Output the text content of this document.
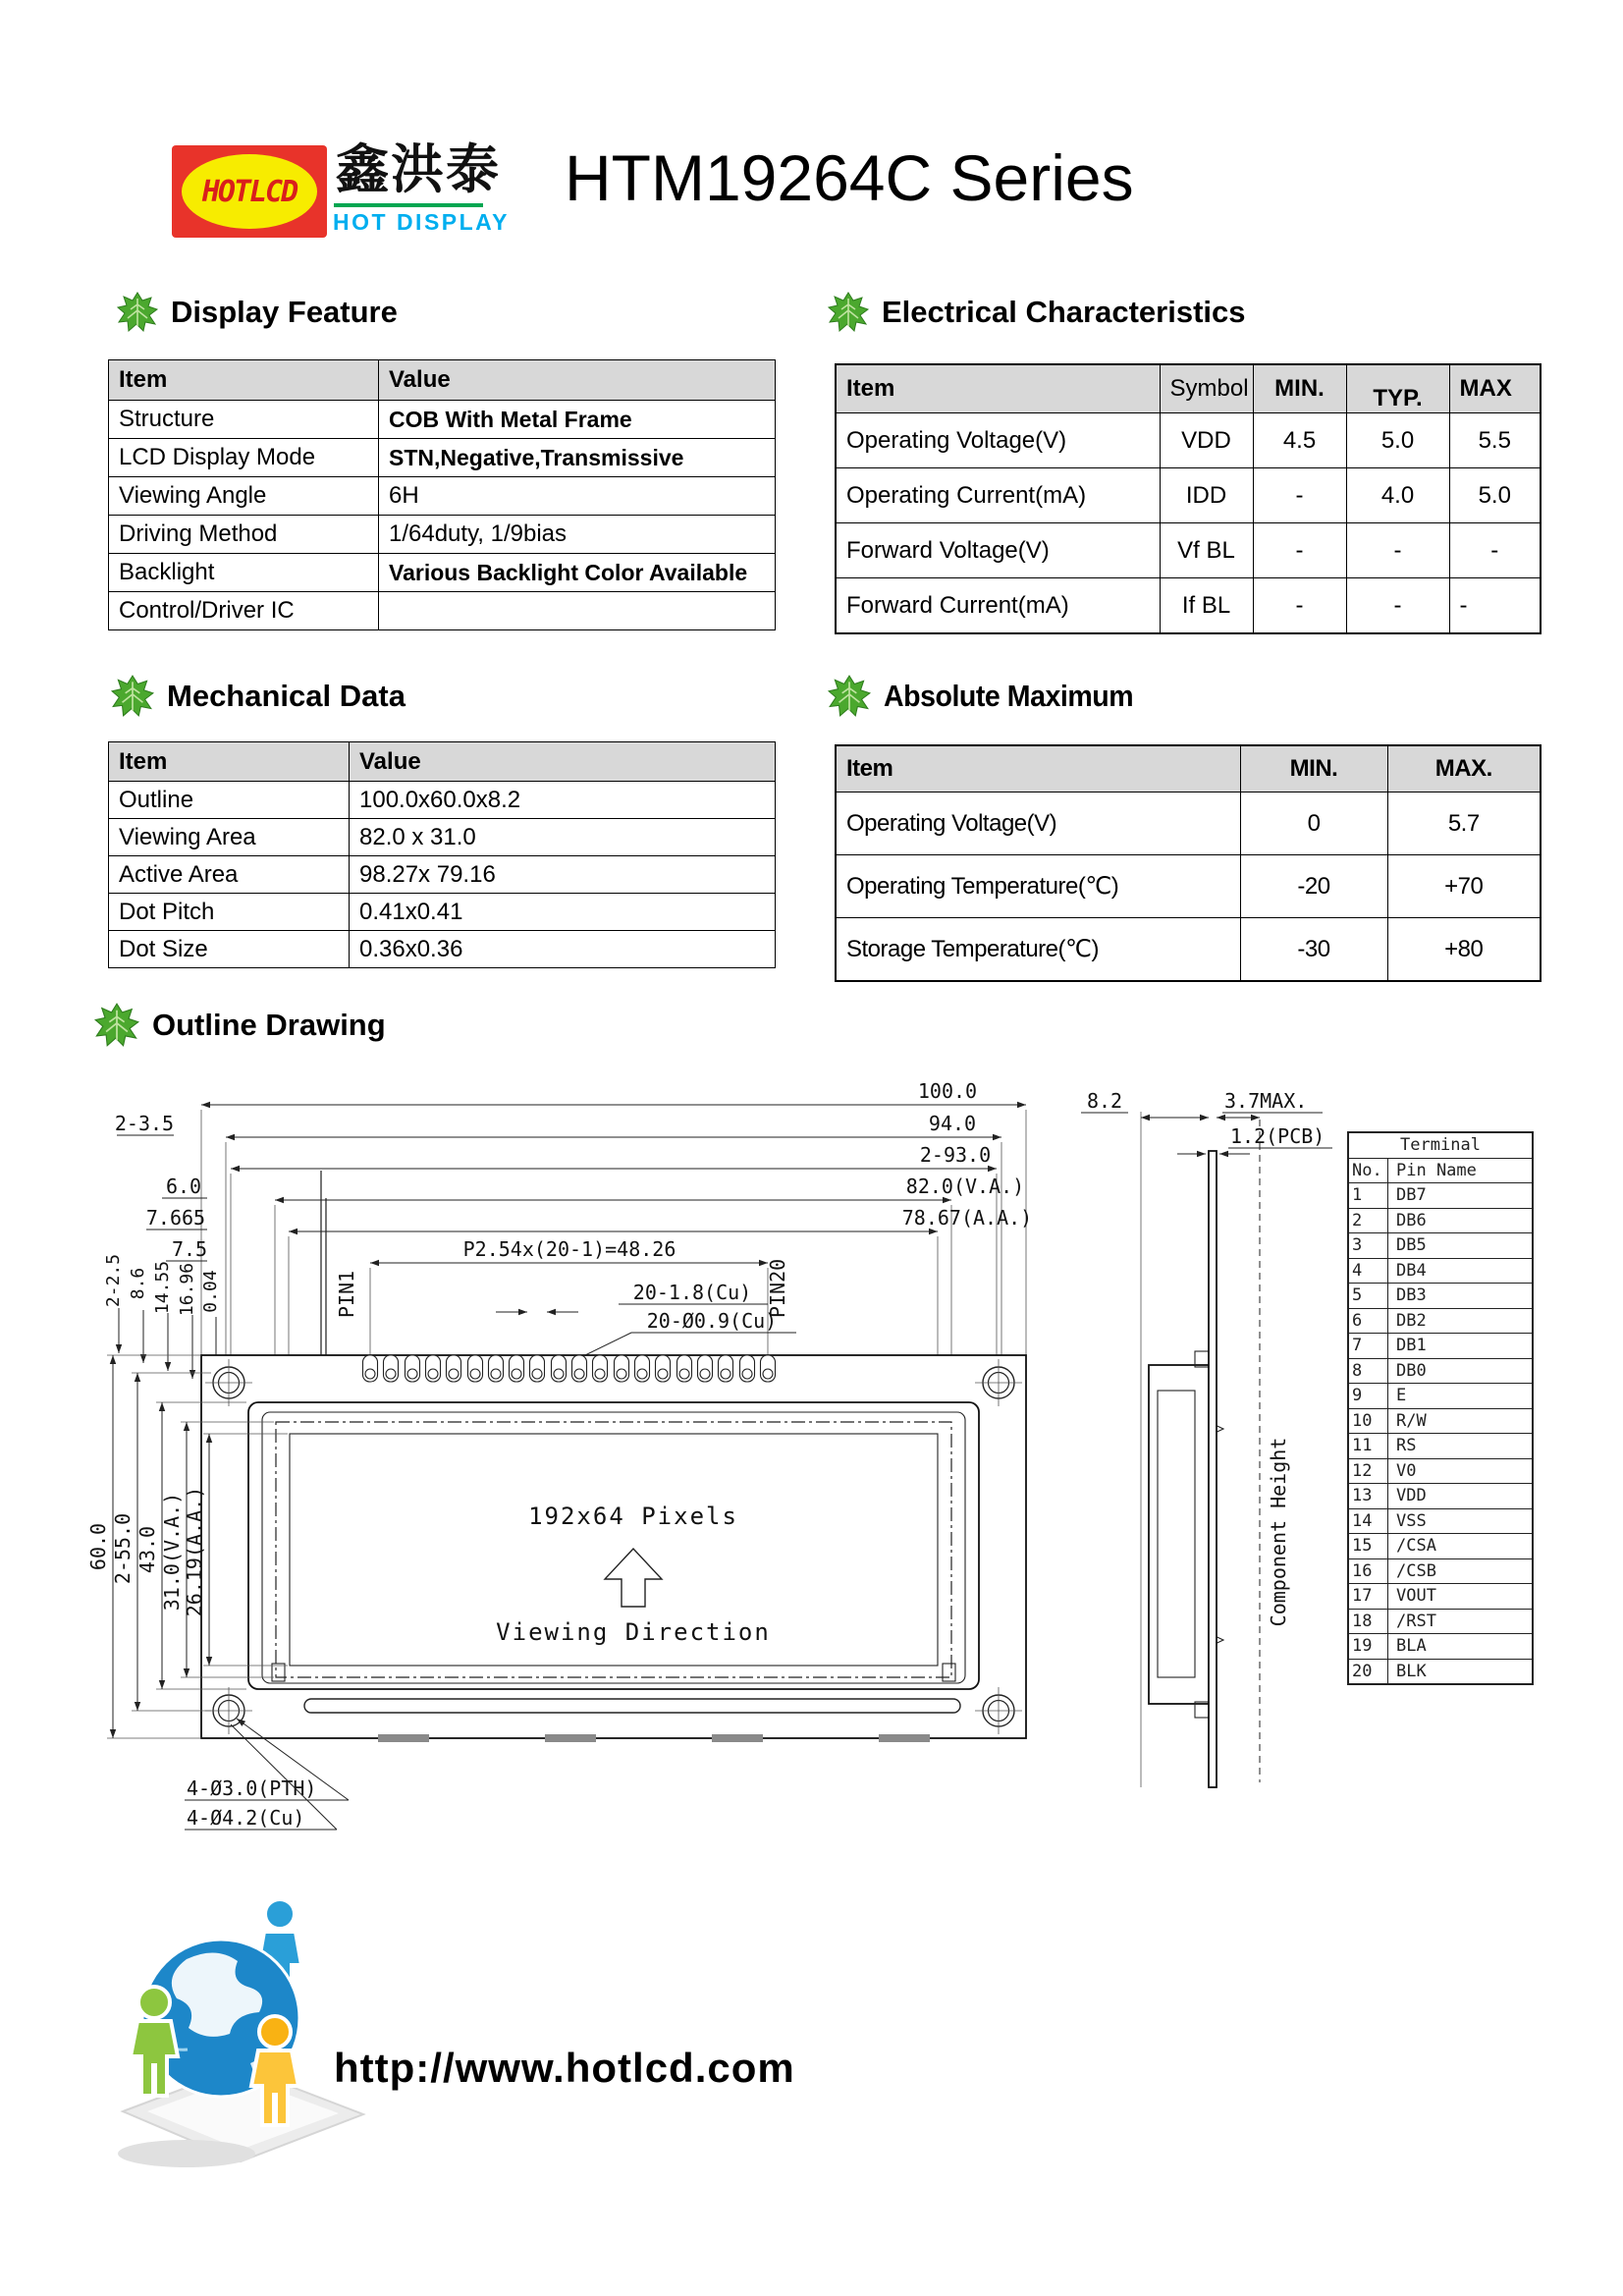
HOTLCD 鑫洪泰
HOT DISPLAY
HTM19264C Series
Display Feature	Electrical Characteristics
Mechanical Data	Absolute Maximum
Outline Drawing
Item	Value
Structure	COB With Metal Frame
LCD Display Mode	STN,Negative,Transmissive
Viewing Angle	6H
Driving Method	1/64duty, 1/9bias
Backlight	Various Backlight Color Available
Control/Driver IC	
Item	Symbol	MIN.	TYP.	MAX
Operating Voltage(V)	VDD	4.5	5.0	5.5
Operating Current(mA)	IDD	-	4.0	5.0
Forward Voltage(V)	Vf BL	-	-	-
Forward Current(mA)	If BL	-	-	-
Item	Value
Outline	100.0x60.0x8.2
Viewing Area	82.0 x 31.0
Active Area	98.27x 79.16
Dot Pitch	0.41x0.41
Dot Size	0.36x0.36
Item	MIN.	MAX.
Operating Voltage(V)	0	5.7
Operating Temperature(℃)	-20	+70
Storage Temperature(℃)	-30	+80
100.0
94.0
2-3.5
2-93.0
82.0(V.A.)
6.0
78.67(A.A.)
7.665
P2.54x(20-1)=48.26
7.5
20-1.8(Cu)
20-Ø0.9(Cu)
2-2.5 8.6 14.55 16.96 0.04	PIN1	PIN20
192x64 Pixels
Viewing Direction
60.0 2-55.0 43.0 31.0(V.A.) 26.19(A.A.)
4-Ø3.0(PTH)
4-Ø4.2(Cu)
8.2	3.7MAX.
1.2(PCB)
Component Height
Terminal
No. Pin Name
1	DB7
2	DB6
3	DB5
4	DB4
5	DB3
6	DB2
7	DB1
8	DB0
9	E
10	R/W
11	RS
12	V0
13	VDD
14	VSS
15	/CSA
16	/CSB
17	VOUT
18	/RST
19	BLA
20	BLK
http://www.hotlcd.com
